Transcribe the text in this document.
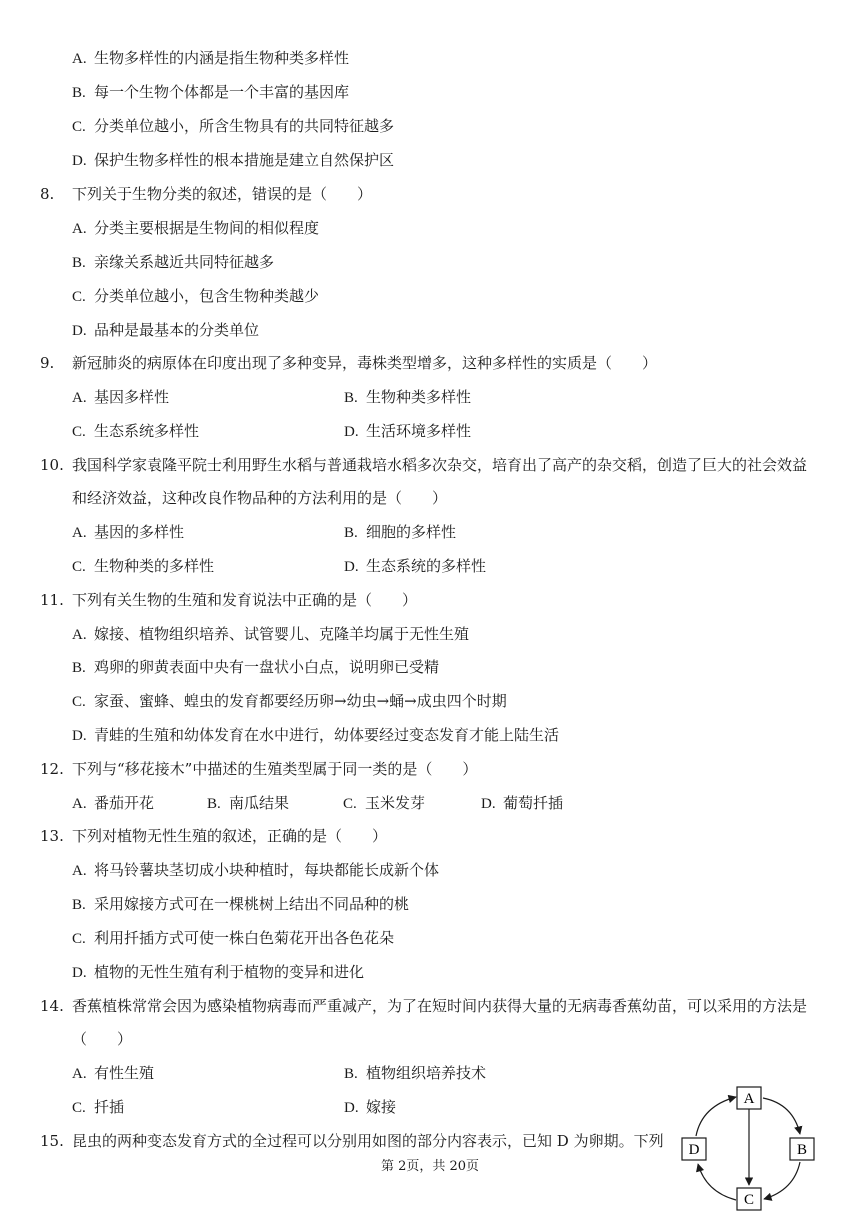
A. 生物多样性的内涵是指生物种类多样性
B. 每一个生物个体都是一个丰富的基因库
C. 分类单位越小，所含生物具有的共同特征越多
D. 保护生物多样性的根本措施是建立自然保护区
8. 下列关于生物分类的叙述，错误的是（　　）
A. 分类主要根据是生物间的相似程度
B. 亲缘关系越近共同特征越多
C. 分类单位越小，包含生物种类越少
D. 品种是最基本的分类单位
9. 新冠肺炎的病原体在印度出现了多种变异，毒株类型增多，这种多样性的实质是（　　）
A. 基因多样性	B. 生物种类多样性
C. 生态系统多样性	D. 生活环境多样性
10. 我国科学家袁隆平院士利用野生水稻与普通栽培水稻多次杂交，培育出了高产的杂交稻，创造了巨大的社会效益
和经济效益，这种改良作物品种的方法利用的是（　　）
A. 基因的多样性	B. 细胞的多样性
C. 生物种类的多样性	D. 生态系统的多样性
11. 下列有关生物的生殖和发育说法中正确的是（　　）
A. 嫁接、植物组织培养、试管婴儿、克隆羊均属于无性生殖
B. 鸡卵的卵黄表面中央有一盘状小白点，说明卵已受精
C. 家蚕、蜜蜂、蝗虫的发育都要经历卵→幼虫→蛹→成虫四个时期
D. 青蛙的生殖和幼体发育在水中进行，幼体要经过变态发育才能上陆生活
12. 下列与“移花接木”中描述的生殖类型属于同一类的是（　　）
A. 番茄开花	B. 南瓜结果	C. 玉米发芽	D. 葡萄扦插
13. 下列对植物无性生殖的叙述，正确的是（　　）
A. 将马铃薯块茎切成小块种植时，每块都能长成新个体
B. 采用嫁接方式可在一棵桃树上结出不同品种的桃
C. 利用扦插方式可使一株白色菊花开出各色花朵
D. 植物的无性生殖有利于植物的变异和进化
14. 香蕉植株常常会因为感染植物病毒而严重减产，为了在短时间内获得大量的无病毒香蕉幼苗，可以采用的方法是
（　　）
A. 有性生殖	B. 植物组织培养技术
C. 扦插	D. 嫁接
15. 昆虫的两种变态发育方式的全过程可以分别用如图的部分内容表示，已知 D 为卵期。下列
A
B
C
D
第 2页，共 20页
